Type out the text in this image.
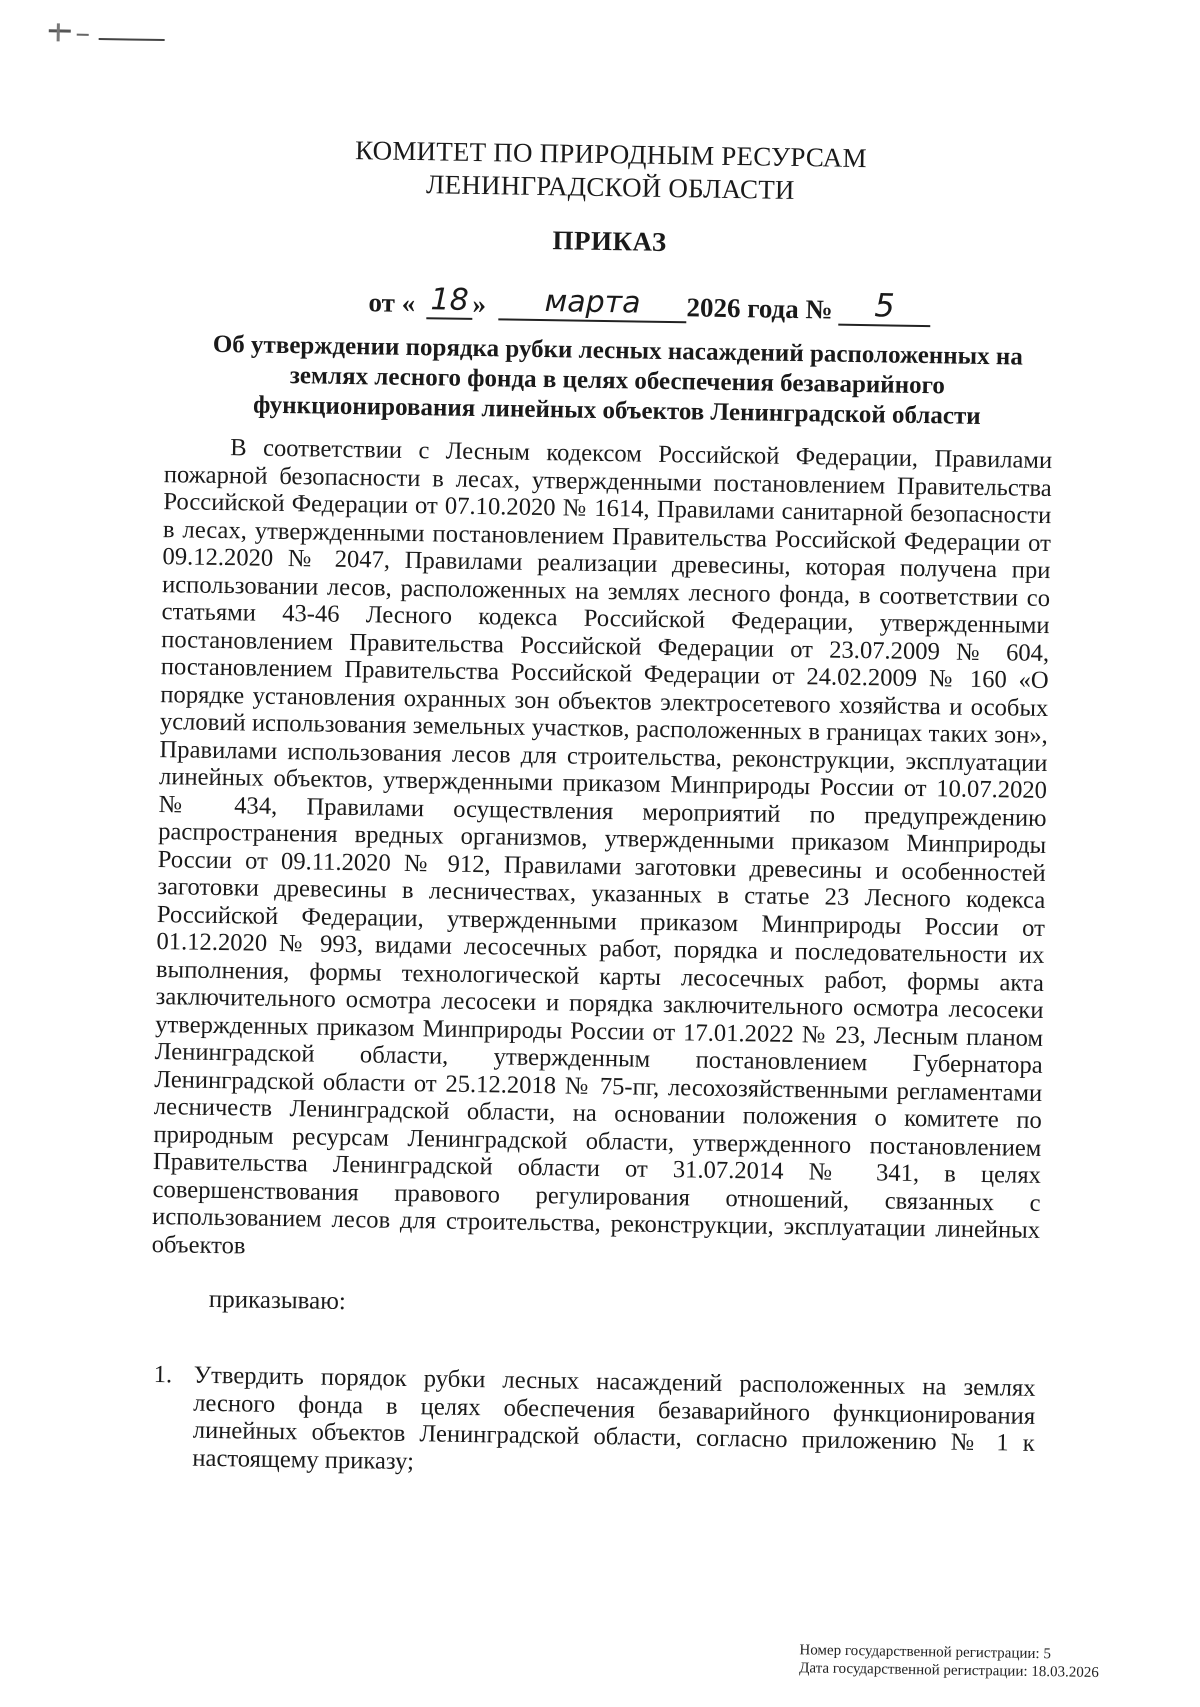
КОМИТЕТ ПО ПРИРОДНЫМ РЕСУРСАМ
ЛЕНИНГРАДСКОЙ ОБЛАСТИ
ПРИКАЗ
от « 18 »	марта	2026 года №	5
Об утверждении порядка рубки лесных насаждений расположенных на землях лесного фонда в целях обеспечения безаварийного функционирования линейных объектов Ленинградской области
В соответствии с Лесным кодексом Российской Федерации, Правилами пожарной безопасности в лесах, утвержденными постановлением Правительства Российской Федерации от 07.10.2020 № 1614, Правилами санитарной безопасности в лесах, утвержденными постановлением Правительства Российской Федерации от 09.12.2020 № 2047, Правилами реализации древесины, которая получена при использовании лесов, расположенных на землях лесного фонда, в соответствии со статьями 43-46 Лесного кодекса Российской Федерации, утвержденными постановлением Правительства Российской Федерации от 23.07.2009 № 604, постановлением Правительства Российской Федерации от 24.02.2009 № 160 «О порядке установления охранных зон объектов электросетевого хозяйства и особых условий использования земельных участков, расположенных в границах таких зон», Правилами использования лесов для строительства, реконструкции, эксплуатации линейных объектов, утвержденными приказом Минприроды России от 10.07.2020 № 434, Правилами осуществления мероприятий по предупреждению распространения вредных организмов, утвержденными приказом Минприроды России от 09.11.2020 № 912, Правилами заготовки древесины и особенностей заготовки древесины в лесничествах, указанных в статье 23 Лесного кодекса Российской Федерации, утвержденными приказом Минприроды России от 01.12.2020 № 993, видами лесосечных работ, порядка и последовательности их выполнения, формы технологической карты лесосечных работ, формы акта заключительного осмотра лесосеки и порядка заключительного осмотра лесосеки утвержденных приказом Минприроды России от 17.01.2022 № 23, Лесным планом Ленинградской области, утвержденным постановлением Губернатора Ленинградской области от 25.12.2018 № 75-пг, лесохозяйственными регламентами лесничеств Ленинградской области, на основании положения о комитете по природным ресурсам Ленинградской области, утвержденного постановлением Правительства Ленинградской области от 31.07.2014 № 341, в целях совершенствования правового регулирования отношений, связанных с использованием лесов для строительства, реконструкции, эксплуатации линейных объектов
приказываю:
1. Утвердить порядок рубки лесных насаждений расположенных на землях лесного фонда в целях обеспечения безаварийного функционирования линейных объектов Ленинградской области, согласно приложению № 1 к настоящему приказу;
Номер государственной регистрации: 5
Дата государственной регистрации: 18.03.2026
